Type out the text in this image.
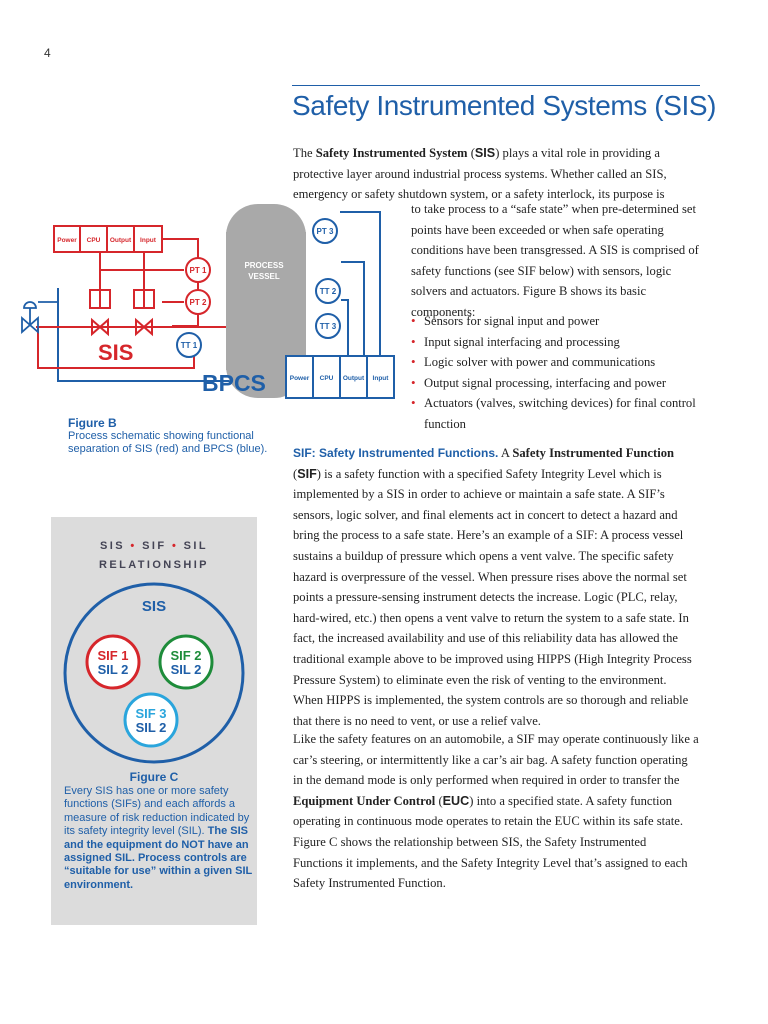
4
Safety Instrumented Systems (SIS)
The Safety Instrumented System (SIS) plays a vital role in providing a protective layer around industrial process systems. Whether called an SIS, emergency or safety shutdown system, or a safety interlock, its purpose is
to take process to a “safe state” when pre-determined set points have been exceeded or when safe operating conditions have been transgressed. A SIS is comprised of safety functions (see SIF below) with sensors, logic solvers and actuators. Figure B shows its basic components:
• Sensors for signal input and power
• Input signal interfacing and processing
• Logic solver with power and communications
• Output signal processing, interfacing and power
• Actuators (valves, switching devices) for final control function
SIF: Safety Instrumented Functions. A Safety Instrumented Function (SIF) is a safety function with a specified Safety Integrity Level which is implemented by a SIS in order to achieve or maintain a safe state. A SIF’s sensors, logic solver, and final elements act in concert to detect a hazard and bring the process to a safe state. Here’s an example of a SIF: A process vessel sustains a buildup of pressure which opens a vent valve. The specific safety hazard is overpressure of the vessel. When pressure rises above the normal set points a pressure-sensing instrument detects the increase. Logic (PLC, relay, hard-wired, etc.) then opens a vent valve to return the system to a safe state. In fact, the increased availability and use of this reliability data has allowed the traditional example above to be improved using HIPPS (High Integrity Process Pressure System) to eliminate even the risk of venting to the environment. When HIPPS is implemented, the system controls are so thorough and reliable that there is no need to vent, or use a relief valve.
Like the safety features on an automobile, a SIF may operate continuously like a car’s steering, or intermittently like a car’s air bag. A safety function operating in the demand mode is only performed when required in order to transfer the Equipment Under Control (EUC) into a specified state. A safety function operating in continuous mode operates to retain the EUC within its safe state. Figure C shows the relationship between SIS, the Safety Instrumented Functions it implements, and the Safety Integrity Level that’s assigned to each Safety Instrumented Function.
Power CPU Output Input
PROCESS
VESSEL
PT 1
PT 2
TT 1
PT 3
TT 2
TT 3
Power CPU Output Input
SIS
BPCS
Figure B
Process schematic showing functional separation of SIS (red) and BPCS (blue).
SIS • SIF • SIL
RELATIONSHIP
SIS
SIF 1
SIL 2
SIF 2
SIL 2
SIF 3
SIL 2
Figure C
Every SIS has one or more safety functions (SIFs) and each affords a measure of risk reduction indicated by its safety integrity level (SIL). The SIS and the equipment do NOT have an assigned SIL. Process controls are “suitable for use” within a given SIL environment.
